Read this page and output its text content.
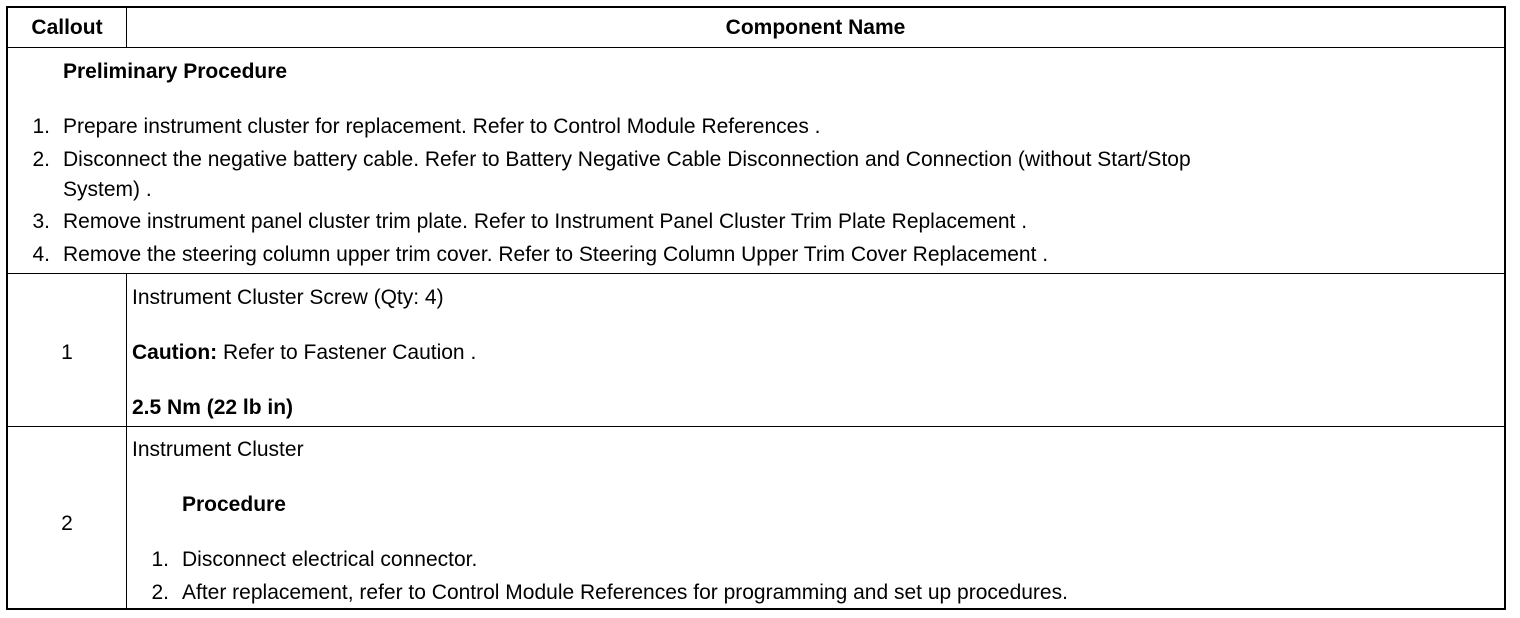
Callout	Component Name
Preliminary Procedure
1. Prepare instrument cluster for replacement. Refer to Control Module References .
2. Disconnect the negative battery cable. Refer to Battery Negative Cable Disconnection and Connection (without Start/Stop
System) .
3. Remove instrument panel cluster trim plate. Refer to Instrument Panel Cluster Trim Plate Replacement .
4. Remove the steering column upper trim cover. Refer to Steering Column Upper Trim Cover Replacement .
1
Instrument Cluster Screw (Qty: 4)
Caution: Refer to Fastener Caution .
2.5 Nm (22 lb in)
2
Instrument Cluster
Procedure
1. Disconnect electrical connector.
2. After replacement, refer to Control Module References for programming and set up procedures.
